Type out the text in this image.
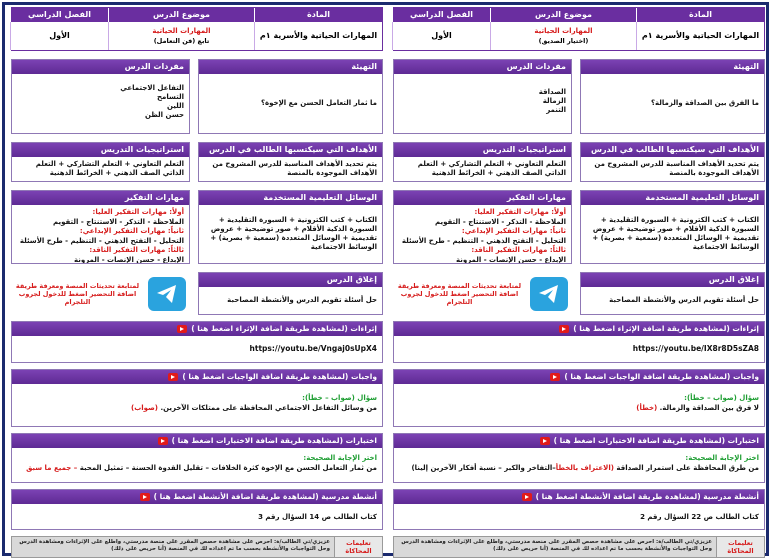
المادة
موضوع الدرس
الفصل الدراسي
المهارات الحياتية والأسرية ١م
المهارات الحياتية
(اختيار الصديق)
الأول
التهيئة
ما الفرق بين الصداقة والزمالة؟
مفردات الدرس
الصداقة
الزمالة
التنمر
الأهداف التي سيكتسبها الطالب في الدرس
يتم تحديد الأهداف المناسبة للدرس المشروح من الأهداف الموجودة بالمنصة
استراتيجيات التدريس
التعلم التعاوني + التعلم التشاركي + التعلم الذاتي الصف الذهني + الخرائط الذهنية
الوسائل التعليمية المستخدمة
الكتاب + كتب الكترونية + السبورة التقليدية + السبورة الذكية الأقلام + صور توضيحية + عروض تقديمية + الوسائل المتعددة (سمعية + بصرية) + الوسائط الاجتماعية
مهارات التفكير
أولاً: مهارات التفكير العليا:
الملاحظة - التذكر - الاستنتاج - التقويم
ثانياً: مهارات التفكير الإبداعي:
التحليل - التفتح الذهني - التنظيم - طرح الأسئلة
ثالثاً: مهارات التفكير الناقد:
الإبداع - حسن الإنصات - المرونة
إغلاق الدرس
حل أسئلة تقويم الدرس والأنشطة المصاحبة
لمتابعة تحديثات المنصة ومعرفة طريقة اضافة التحضير اضغط للدخول لجروب التلجرام
إثراءات (لمشاهدة طريقة اضافة الإثراء اضغط هنا )
https://youtu.be/IX8r8D5sZA8
واجبات (لمشاهدة طريقة اضافة الواجبات اضغط هنا )
سؤال (صواب – خطأ):
لا فرق بين الصداقة والزمالة. (خطأ)
اختبارات (لمشاهدة طريقة اضافة الاختبارات اضغط هنا )
اختر الإجابة الصحيحة:
من طرق المحافظة على استمرار الصداقة (الاعتراف بالخطأ–التفاخر والكبر – نسبة أفكار الآخرين إلينا)
أنشطة مدرسية (لمشاهدة طريقة اضافة الأنشطة اضغط هنا )
كتاب الطالب ص 22 السؤال رقم 2
تعليمات المحاكاة
عزيزي/تي الطالب/ة: احرص على مشاهدة حصص المقرر على منصة مدرستي، واطلع على الإثراءات ومشاهدة الدرس وحل التواجبات والأنشطة بحسب ما تم اعداده لك في المنصة (أنا حريص على ذلك)
المادة
موضوع الدرس
الفصل الدراسي
المهارات الحياتية والأسرية ١م
المهارات الحياتية
تابع (فن التعامل)
الأول
التهيئة
ما ثمار التعامل الحسن مع الإخوة؟
مفردات الدرس
التفاعل الاجتماعي
التسامح
اللين
حسن الظن
الأهداف التي سيكتسبها الطالب في الدرس
يتم تحديد الأهداف المناسبة للدرس المشروح من الأهداف الموجودة بالمنصة
استراتيجيات التدريس
التعلم التعاوني + التعلم التشاركي + التعلم الذاتي الصف الذهني + الخرائط الذهنية
الوسائل التعليمية المستخدمة
الكتاب + كتب الكترونية + السبورة التقليدية + السبورة الذكية الأقلام + صور توضيحية + عروض تقديمية + الوسائل المتعددة (سمعية + بصرية) + الوسائط الاجتماعية
مهارات التفكير
أولاً: مهارات التفكير العليا:
الملاحظة - التذكر - الاستنتاج - التقويم
ثانياً: مهارات التفكير الإبداعي:
التحليل - التفتح الذهني - التنظيم - طرح الأسئلة
ثالثاً: مهارات التفكير الناقد:
الإبداع - حسن الإنصات - المرونة
إغلاق الدرس
حل أسئلة تقويم الدرس والأنشطة المصاحبة
لمتابعة تحديثات المنصة ومعرفة طريقة اضافة التحضير اضغط للدخول لجروب التلجرام
إثراءات (لمشاهدة طريقة اضافة الإثراء اضغط هنا )
https://youtu.be/Vngaj0sUpX4
واجبات (لمشاهدة طريقة اضافة الواجبات اضغط هنا )
سؤال (صواب – خطأ):
من وسائل التفاعل الاجتماعي المحافظة على ممتلكات الآخرين. (صواب)
اختبارات (لمشاهدة طريقة اضافة الاختبارات اضغط هنا )
اختر الإجابة الصحيحة:
من ثمار التعامل الحسن مع الإخوة كثرة الخلافات – تقليل القدوة الحسنة – تمثيل المحبة – جميع ما سبق
أنشطة مدرسية (لمشاهدة طريقة اضافة الأنشطة اضغط هنا )
كتاب الطالب ص 14 السؤال رقم 3
تعليمات المحاكاة
عزيزي/تي الطالب/ة: احرص على مشاهدة حصص المقرر على منصة مدرستي، واطلع على الإثراءات ومشاهدة الدرس وحل التواجبات والأنشطة بحسب ما تم اعداده لك في المنصة (أنا حريص على ذلك)
